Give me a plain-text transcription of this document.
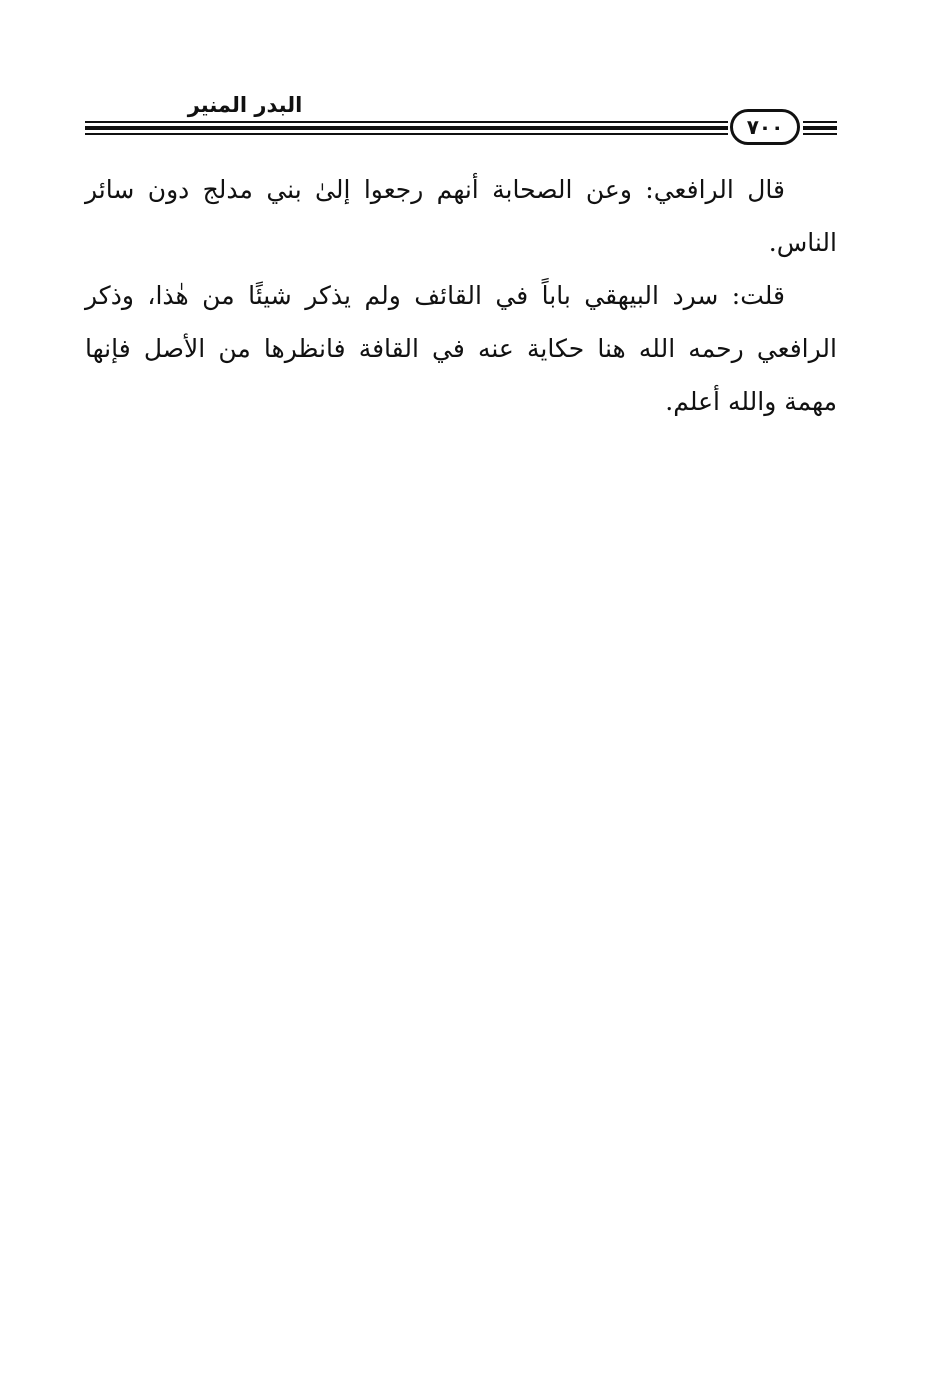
البدر المنير
٧٠٠

قال الرافعي: وعن الصحابة أنهم رجعوا إلىٰ بني مدلج دون سائر الناس.

قلت: سرد البيهقي باباً في القائف ولم يذكر شيئًا من هٰذا، وذكر الرافعي رحمه الله هنا حكاية عنه في القافة فانظرها من الأصل فإنها مهمة والله أعلم.
